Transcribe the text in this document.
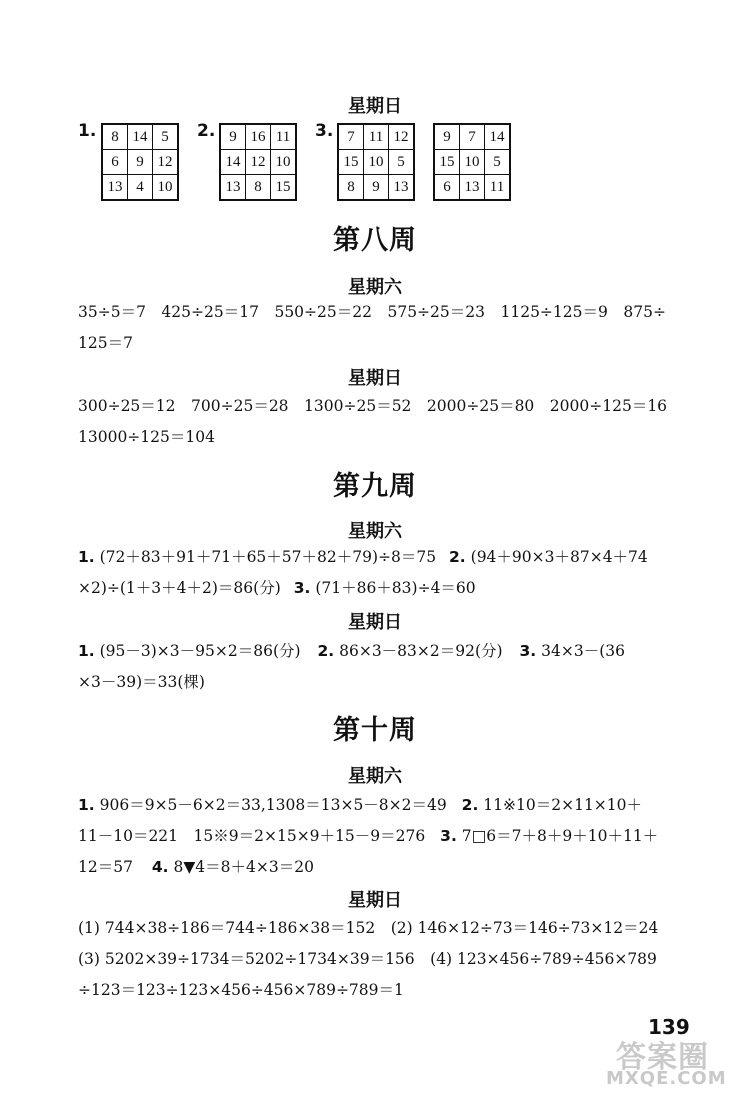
星期日
1. 8	14	5
6	9	12
13	4	10
2. 9	16	11
14	12	10
13	8	15
3. 7	11	12
15	10	5
8	9	13
9	7	14
15	10	5
6	13	11
第八周
星期六
35÷5＝7　425÷25＝17　550÷25＝22　575÷25＝23　1125÷125＝9　875÷
125＝7
星期日
300÷25＝12　700÷25＝28　1300÷25＝52　2000÷25＝80　2000÷125＝16
13000÷125＝104
第九周
星期六
1. (72＋83＋91＋71＋65＋57＋82＋79)÷8＝75 2. (94＋90×3＋87×4＋74
×2)÷(1＋3＋4＋2)＝86(分) 3. (71＋86＋83)÷4＝60
星期日
1. (95－3)×3－95×2＝86(分) 2. 86×3－83×2＝92(分) 3. 34×3－(36
×3－39)＝33(棵)
第十周
星期六
1. 906＝9×5－6×2＝33,1308＝13×5－8×2＝49 2. 11※10＝2×11×10＋
11－10＝221　15※9＝2×15×9＋15－9＝276 3. 7□6＝7＋8＋9＋10＋11＋
12＝57 4. 8▼4＝8＋4×3＝20
星期日
(1) 744×38÷186＝744÷186×38＝152　(2) 146×12÷73＝146÷73×12＝24
(3) 5202×39÷1734＝5202÷1734×39＝156　(4) 123×456÷789÷456×789
÷123＝123÷123×456÷456×789÷789＝1
139
答案圈
MXQE.COM
